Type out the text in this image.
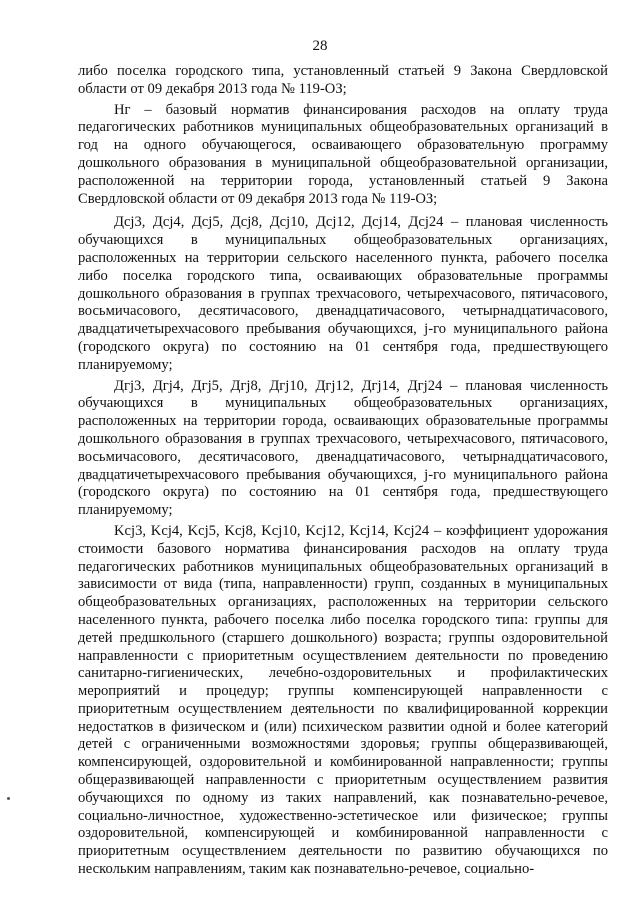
28

либо поселка городского типа, установленный статьей 9 Закона Свердловской области от 09 декабря 2013 года № 119-ОЗ;

Нг – базовый норматив финансирования расходов на оплату труда педагогических работников муниципальных общеобразовательных организаций в год на одного обучающегося, осваивающего образовательную программу дошкольного образования в муниципальной общеобразовательной организации, расположенной на территории города, установленный статьей 9 Закона Свердловской области от 09 декабря 2013 года № 119-ОЗ;

Дсj3, Дсj4, Дсj5, Дсj8, Дсj10, Дсj12, Дсj14, Дсj24 – плановая численность обучающихся в муниципальных общеобразовательных организациях, расположенных на территории сельского населенного пункта, рабочего поселка либо поселка городского типа, осваивающих образовательные программы дошкольного образования в группах трехчасового, четырехчасового, пятичасового, восьмичасового, десятичасового, двенадцатичасового, четырнадцатичасового, двадцатичетырехчасового пребывания обучающихся, j-го муниципального района (городского округа) по состоянию на 01 сентября года, предшествующего планируемому;

Дгj3, Дгj4, Дгj5, Дгj8, Дгj10, Дгj12, Дгj14, Дгj24 – плановая численность обучающихся в муниципальных общеобразовательных организациях, расположенных на территории города, осваивающих образовательные программы дошкольного образования в группах трехчасового, четырехчасового, пятичасового, восьмичасового, десятичасового, двенадцатичасового, четырнадцатичасового, двадцатичетырехчасового пребывания обучающихся, j-го муниципального района (городского округа) по состоянию на 01 сентября года, предшествующего планируемому;

Kсj3, Kсj4, Kсj5, Kсj8, Kсj10, Kсj12, Kсj14, Kсj24 – коэффициент удорожания стоимости базового норматива финансирования расходов на оплату труда педагогических работников муниципальных общеобразовательных организаций в зависимости от вида (типа, направленности) групп, созданных в муниципальных общеобразовательных организациях, расположенных на территории сельского населенного пункта, рабочего поселка либо поселка городского типа: группы для детей предшкольного (старшего дошкольного) возраста; группы оздоровительной направленности с приоритетным осуществлением деятельности по проведению санитарно-гигиенических, лечебно-оздоровительных и профилактических мероприятий и процедур; группы компенсирующей направленности с приоритетным осуществлением деятельности по квалифицированной коррекции недостатков в физическом и (или) психическом развитии одной и более категорий детей с ограниченными возможностями здоровья; группы общеразвивающей, компенсирующей, оздоровительной и комбинированной направленности; группы общеразвивающей направленности с приоритетным осуществлением развития обучающихся по одному из таких направлений, как познавательно-речевое, социально-личностное, художественно-эстетическое или физическое; группы оздоровительной, компенсирующей и комбинированной направленности с приоритетным осуществлением деятельности по развитию обучающихся по нескольким направлениям, таким как познавательно-речевое, социально-
